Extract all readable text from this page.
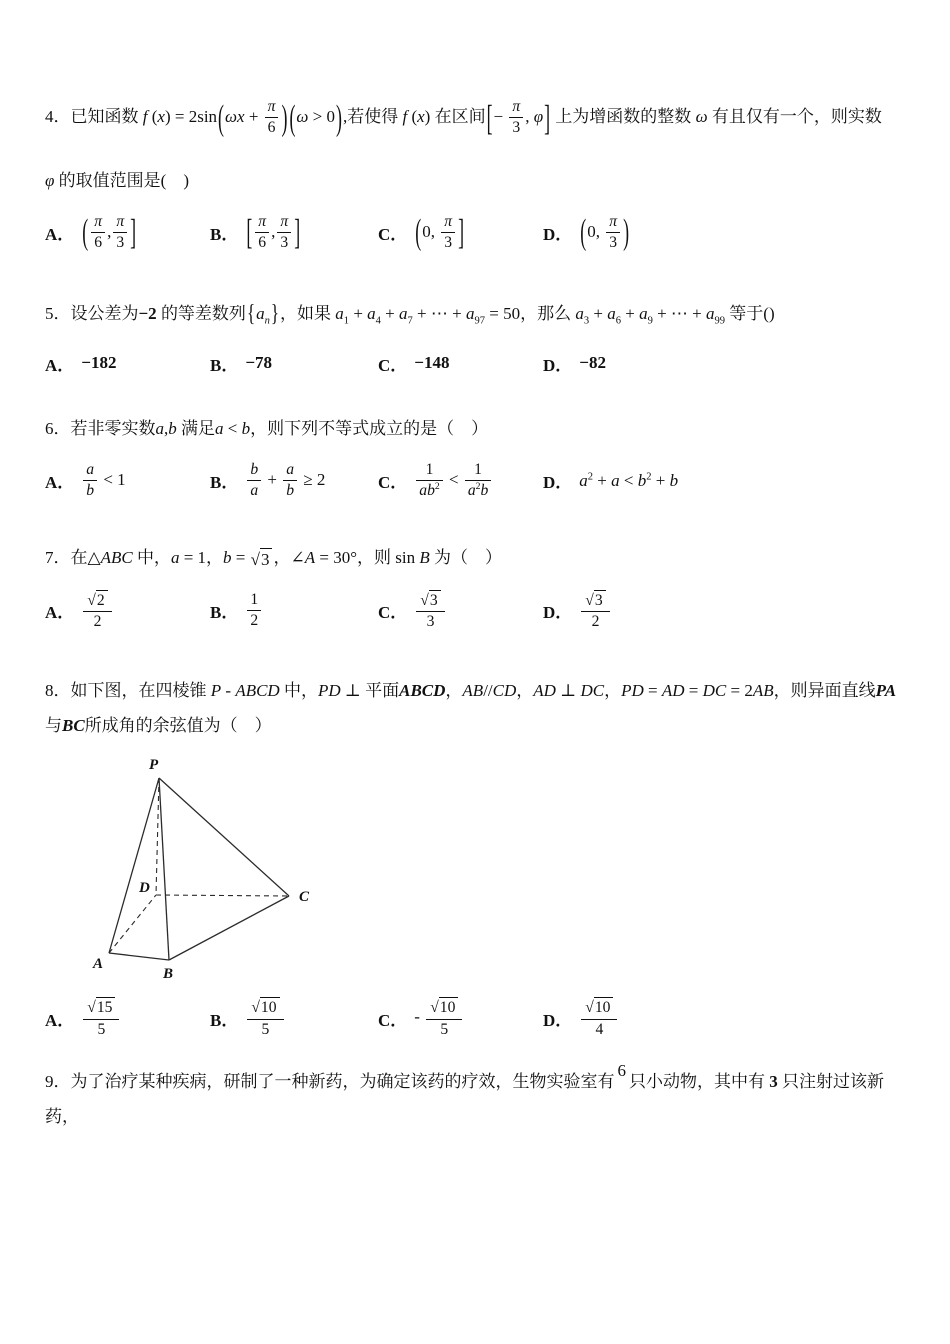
4．已知函数 f $(x) = 2\sin(\omega x + \frac{\pi}{6}$ ) (ω > 0),若使得 f (x) 在区间[− $\frac{\pi}{3}$ , φ] 上为增函数的整数 ω 有且仅有一个，则实数

φ 的取值范围是(　)

A． ( $\frac{\pi}{6}$ , $\frac{\pi}{3}$ ]	B． [ $\frac{\pi}{6}$ , $\frac{\pi}{3}$ ]	C． (0, $\frac{\pi}{3}$ ]	D． (0, $\frac{\pi}{3}$ )

5．设公差为−2 的等差数列$\{a_n\}$，如果 $a_1 + a_4 + a_7$ + ⋯ + $a_{97} = 50$，那么 $a_3 + a_6 + a_9$ + ⋯ + $a_{99}$ 等于()

A． −182	B． −78	C． −148	D． −82

6．若非零实数a,b 满足a < b，则下列不等式成立的是（　）

A． $\frac{a}{b} < 1$	B． $\frac{b}{a} + \frac{a}{b} \ge 2$	C． $\frac{1}{ab^2} < \frac{1}{a^2b}$	D． $a^2 + a < b^2 + b$

7．在△ABC 中，a = 1，b = √ 3 ，∠A = 30°，则 sin B 为（　）

A． $\frac{√ 2}{2}$	B． $\frac{1}{2}$	C． $\frac{√ 3}{3}$	D． $\frac{√ 3}{2}$

8．如下图，在四棱锥 P - ABCD 中，PD ⊥ 平面ABCD，AB//CD，AD ⊥ DC，PD = AD = DC = 2AB，则异面直线PA与BC所成角的余弦值为（　）

P
A
B
C
D
A． $\frac{√ 15}{5}$	B． $\frac{√ 10}{5}$	C． - $\frac{√ 10}{5}$	D． $\frac{√ 10}{4}$

9．为了治疗某种疾病，研制了一种新药，为确定该药的疗效，生物实验室有6只小动物，其中有 3 只注射过该新药，
